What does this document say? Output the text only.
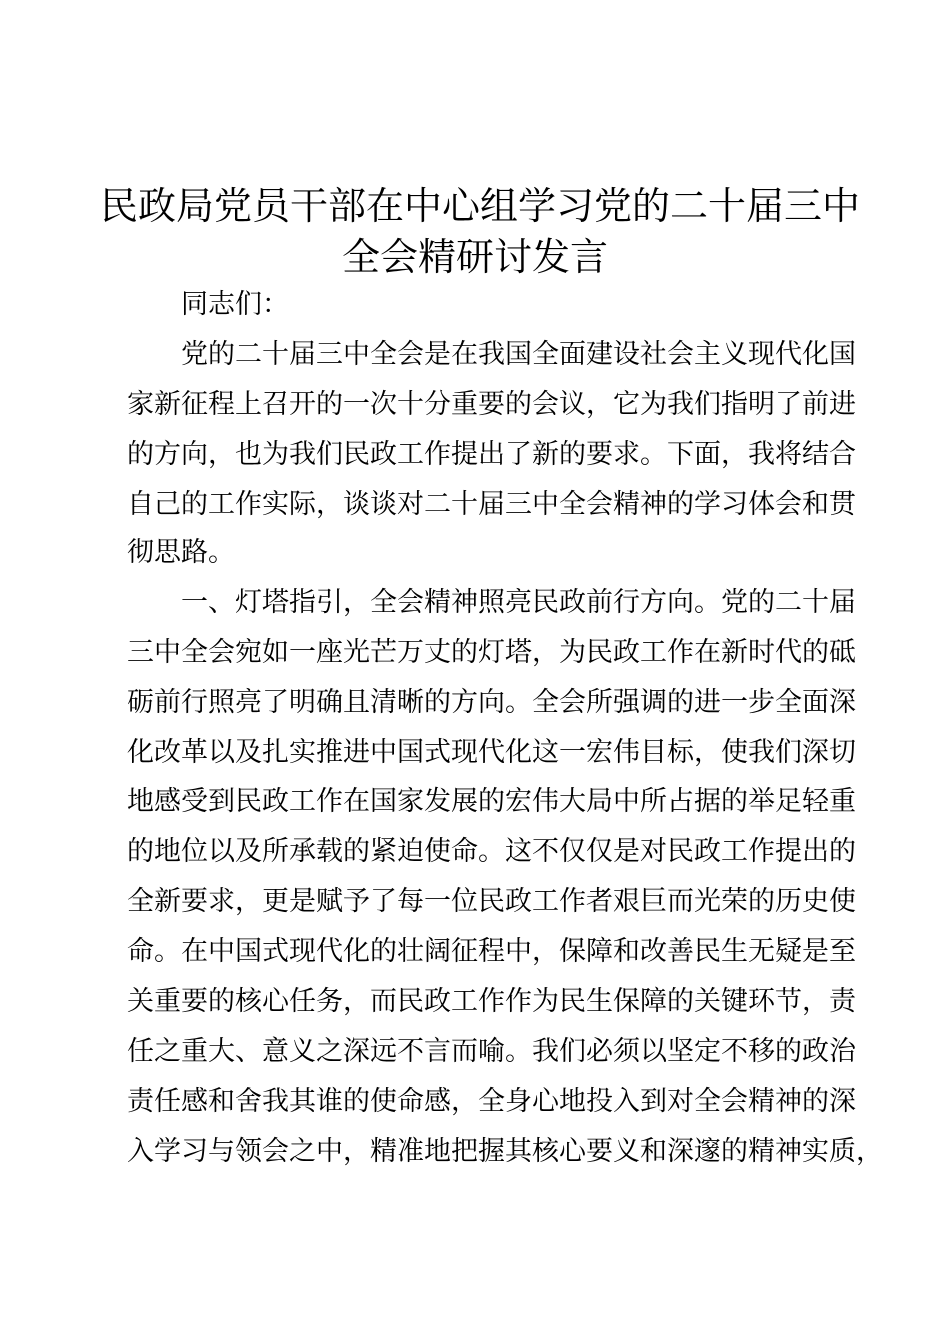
民政局党员干部在中心组学习党的二十届三中
全会精研讨发言

同志们：

党的二十届三中全会是在我国全面建设社会主义现代化国

家新征程上召开的一次十分重要的会议，它为我们指明了前进

的方向，也为我们民政工作提出了新的要求。下面，我将结合

自己的工作实际，谈谈对二十届三中全会精神的学习体会和贯

彻思路。

一、灯塔指引，全会精神照亮民政前行方向。党的二十届

三中全会宛如一座光芒万丈的灯塔，为民政工作在新时代的砥

砺前行照亮了明确且清晰的方向。全会所强调的进一步全面深

化改革以及扎实推进中国式现代化这一宏伟目标，使我们深切

地感受到民政工作在国家发展的宏伟大局中所占据的举足轻重

的地位以及所承载的紧迫使命。这不仅仅是对民政工作提出的

全新要求，更是赋予了每一位民政工作者艰巨而光荣的历史使

命。在中国式现代化的壮阔征程中，保障和改善民生无疑是至

关重要的核心任务，而民政工作作为民生保障的关键环节，责

任之重大、意义之深远不言而喻。我们必须以坚定不移的政治

责任感和舍我其谁的使命感，全身心地投入到对全会精神的深

入学习与领会之中，精准地把握其核心要义和深邃的精神实质，
